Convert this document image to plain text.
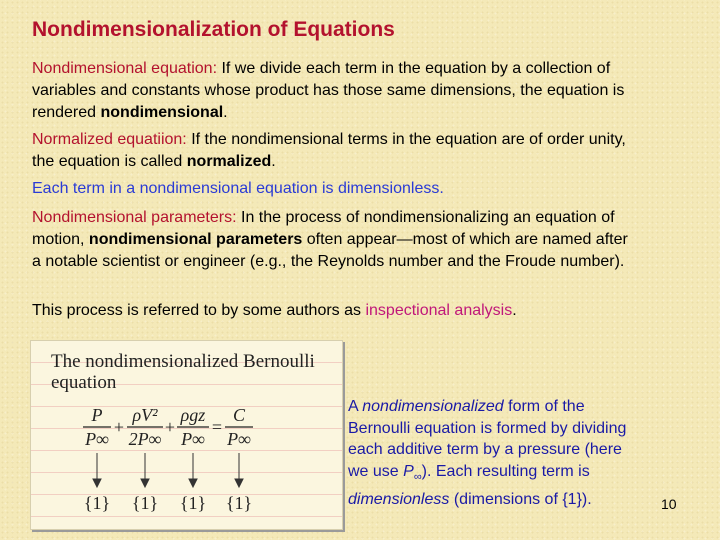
Nondimensionalization of Equations

Nondimensional equation: If we divide each term in the equation by a collection of variables and constants whose product has those same dimensions, the equation is rendered nondimensional.

Normalized equatiion: If the nondimensional terms in the equation are of order unity, the equation is called normalized.

Each term in a nondimensional equation is dimensionless.

Nondimensional parameters: In the process of nondimensionalizing an equation of motion, nondimensional parameters often appear—most of which are named after a notable scientist or engineer (e.g., the Reynolds number and the Froude number).

This process is referred to by some authors as inspectional analysis.

The nondimensionalized Bernoulli equation
P
P∞
ρV²
2P∞
ρgz
P∞
C
P∞
+ + =
{1} {1} {1} {1}
A nondimensionalized form of the Bernoulli equation is formed by dividing each additive term by a pressure (here we use $P_\infty$). Each resulting term is dimensionless (dimensions of {1}).	10
